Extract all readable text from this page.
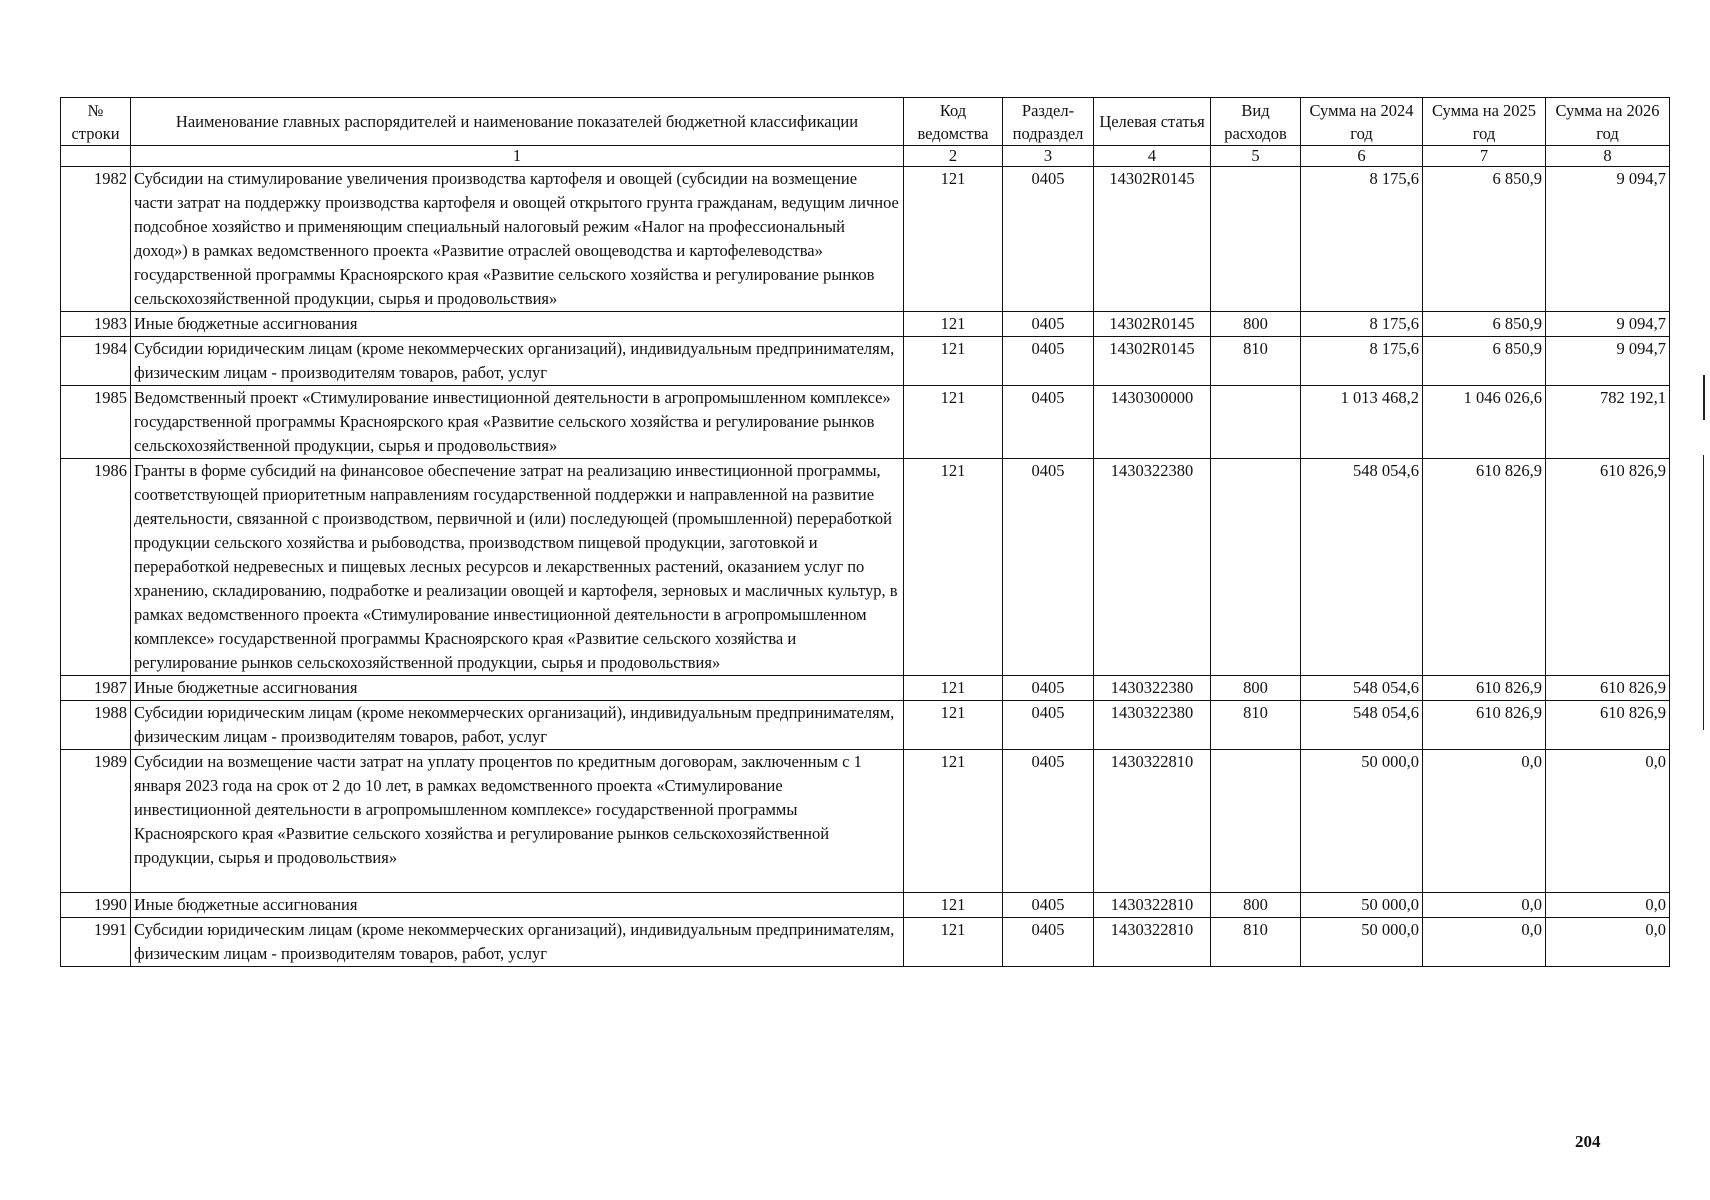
№ строки	Наименование главных распорядителей и наименование показателей бюджетной классификации	Код ведомства	Раздел-подраздел	Целевая статья	Вид расходов	Сумма на 2024 год	Сумма на 2025 год	Сумма на 2026 год
	1	2	3	4	5	6	7	8
1982	Субсидии на стимулирование увеличения производства картофеля и овощей (субсидии на возмещение части затрат на поддержку производства картофеля и овощей открытого грунта гражданам, ведущим личное подсобное хозяйство и применяющим специальный налоговый режим «Налог на профессиональный доход») в рамках ведомственного проекта «Развитие отраслей овощеводства и картофелеводства» государственной программы Красноярского края «Развитие сельского хозяйства и регулирование рынков сельскохозяйственной продукции, сырья и продовольствия»	121	0405	14302R0145		8 175,6	6 850,9	9 094,7
1983	Иные бюджетные ассигнования	121	0405	14302R0145	800	8 175,6	6 850,9	9 094,7
1984	Субсидии юридическим лицам (кроме некоммерческих организаций), индивидуальным предпринимателям, физическим лицам - производителям товаров, работ, услуг	121	0405	14302R0145	810	8 175,6	6 850,9	9 094,7
1985	Ведомственный проект «Стимулирование инвестиционной деятельности в агропромышленном комплексе» государственной программы Красноярского края «Развитие сельского хозяйства и регулирование рынков сельскохозяйственной продукции, сырья и продовольствия»	121	0405	1430300000		1 013 468,2	1 046 026,6	782 192,1
1986	Гранты в форме субсидий на финансовое обеспечение затрат на реализацию инвестиционной программы, соответствующей приоритетным направлениям государственной поддержки и направленной на развитие деятельности, связанной с производством, первичной и (или) последующей (промышленной) переработкой продукции сельского хозяйства и рыбоводства, производством пищевой продукции, заготовкой и переработкой недревесных и пищевых лесных ресурсов и лекарственных растений, оказанием услуг по хранению, складированию, подработке и реализации овощей и картофеля, зерновых и масличных культур, в рамках ведомственного проекта «Стимулирование инвестиционной деятельности в агропромышленном комплексе» государственной программы Красноярского края «Развитие сельского хозяйства и регулирование рынков сельскохозяйственной продукции, сырья и продовольствия»	121	0405	1430322380		548 054,6	610 826,9	610 826,9
1987	Иные бюджетные ассигнования	121	0405	1430322380	800	548 054,6	610 826,9	610 826,9
1988	Субсидии юридическим лицам (кроме некоммерческих организаций), индивидуальным предпринимателям, физическим лицам - производителям товаров, работ, услуг	121	0405	1430322380	810	548 054,6	610 826,9	610 826,9
1989	Субсидии на возмещение части затрат на уплату процентов по кредитным договорам, заключенным с 1 января 2023 года на срок от 2 до 10 лет, в рамках ведомственного проекта «Стимулирование инвестиционной деятельности в агропромышленном комплексе» государственной программы Красноярского края «Развитие сельского хозяйства и регулирование рынков сельскохозяйственной продукции, сырья и продовольствия»	121	0405	1430322810		50 000,0	0,0	0,0
1990	Иные бюджетные ассигнования	121	0405	1430322810	800	50 000,0	0,0	0,0
1991	Субсидии юридическим лицам (кроме некоммерческих организаций), индивидуальным предпринимателям, физическим лицам - производителям товаров, работ, услуг	121	0405	1430322810	810	50 000,0	0,0	0,0
204
